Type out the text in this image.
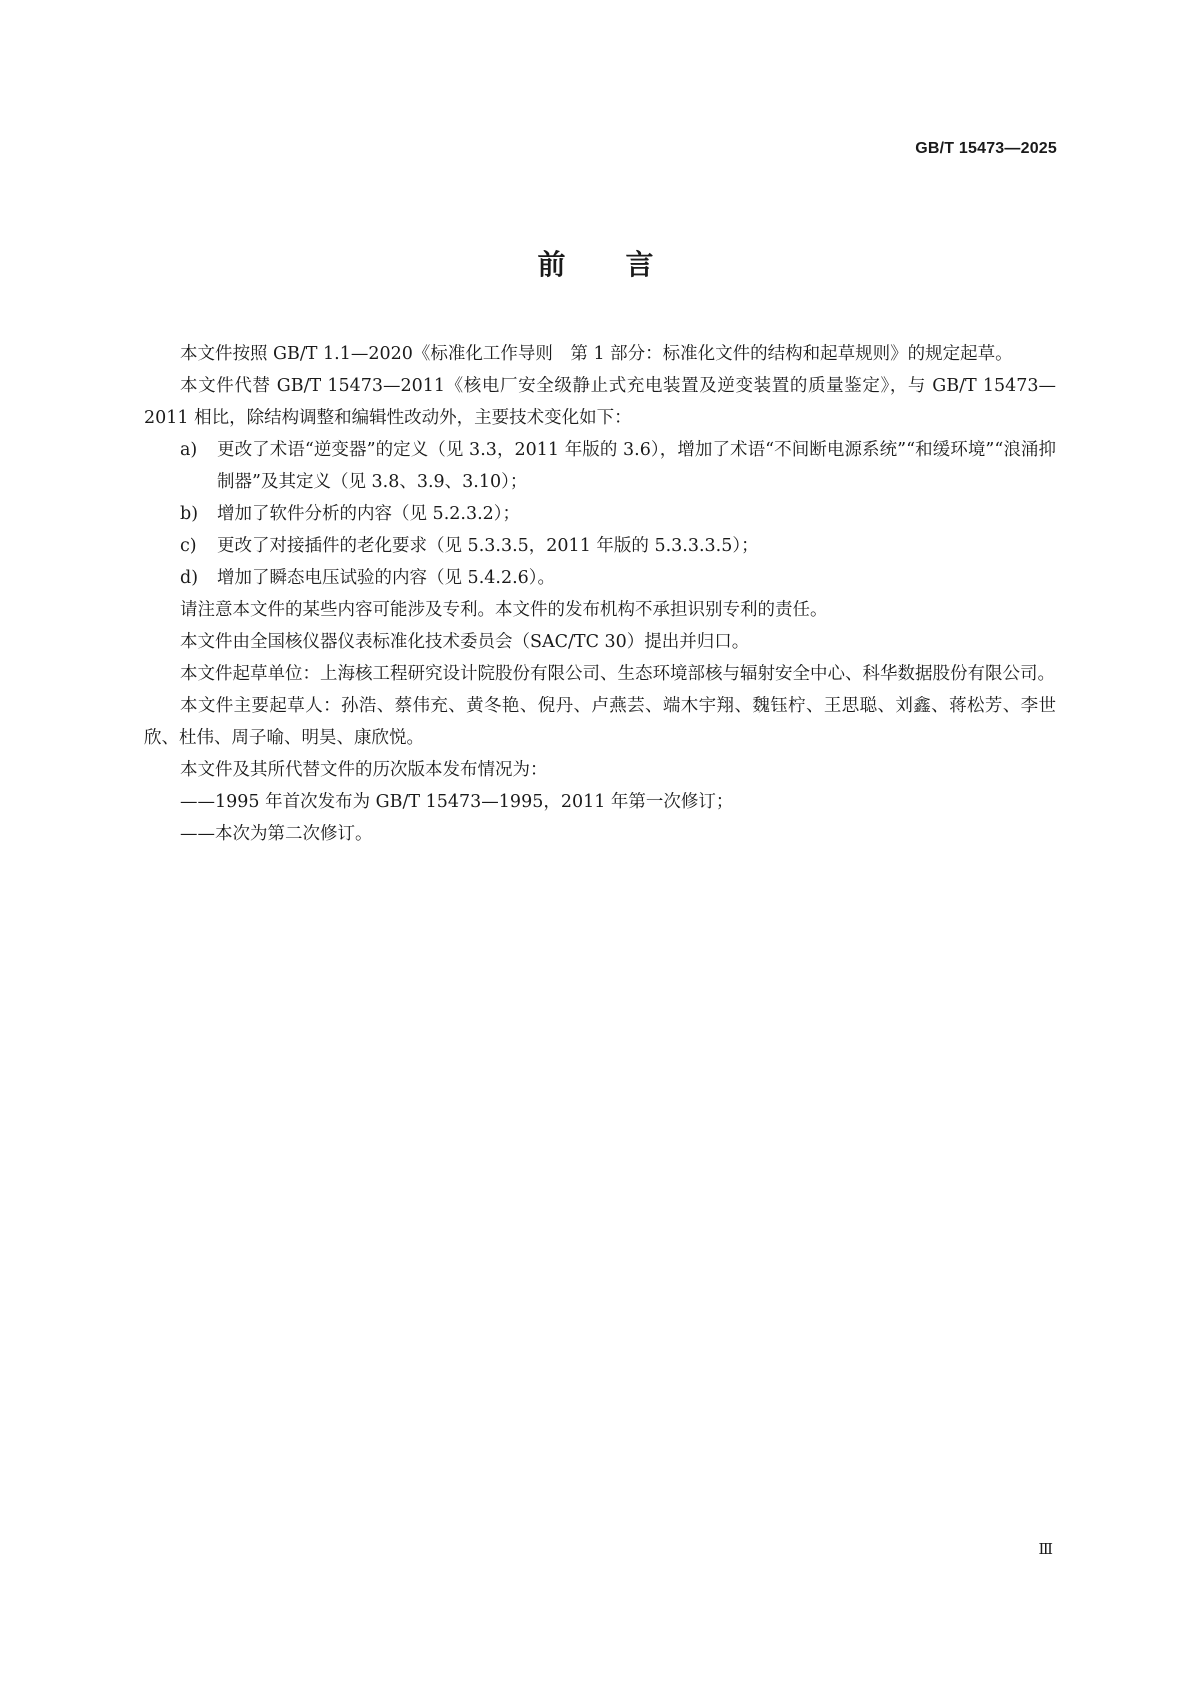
GB/T 15473—2025
前言

本文件按照 GB/T 1.1—2020《标准化工作导则　第 1 部分：标准化文件的结构和起草规则》的规定起草。

本文件代替 GB/T 15473—2011《核电厂安全级静止式充电装置及逆变装置的质量鉴定》，与 GB/T 15473—2011 相比，除结构调整和编辑性改动外，主要技术变化如下：

a) 更改了术语“逆变器”的定义（见 3.3，2011 年版的 3.6），增加了术语“不间断电源系统”“和缓环境”“浪涌抑制器”及其定义（见 3.8、3.9、3.10）；

b) 增加了软件分析的内容（见 5.2.3.2）；

c) 更改了对接插件的老化要求（见 5.3.3.5，2011 年版的 5.3.3.3.5）；

d) 增加了瞬态电压试验的内容（见 5.4.2.6）。

请注意本文件的某些内容可能涉及专利。本文件的发布机构不承担识别专利的责任。

本文件由全国核仪器仪表标准化技术委员会（SAC/TC 30）提出并归口。

本文件起草单位：上海核工程研究设计院股份有限公司、生态环境部核与辐射安全中心、科华数据股份有限公司。

本文件主要起草人：孙浩、蔡伟充、黄冬艳、倪丹、卢燕芸、端木宇翔、魏钰柠、王思聪、刘鑫、蒋松芳、李世欣、杜伟、周子喻、明昊、康欣悦。

本文件及其所代替文件的历次版本发布情况为：

——1995 年首次发布为 GB/T 15473—1995，2011 年第一次修订；

——本次为第二次修订。

Ⅲ
